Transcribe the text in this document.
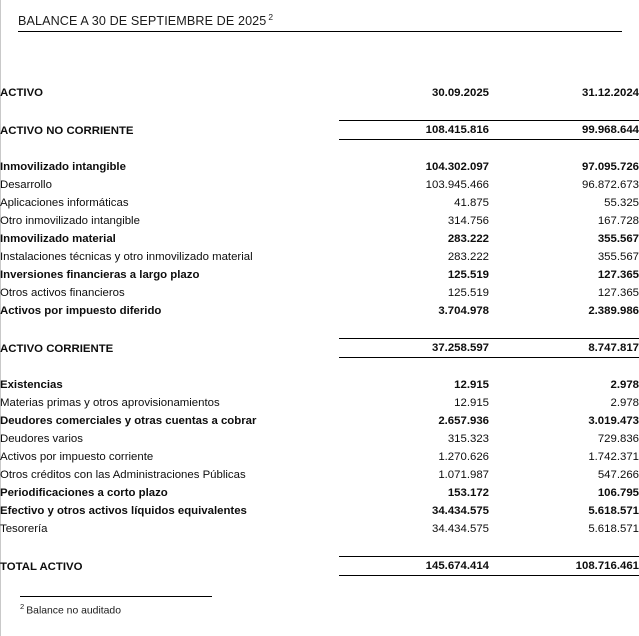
BALANCE A 30 DE SEPTIEMBRE DE 2025 $^2$
ACTIVO	30.09.2025	31.12.2024

ACTIVO NO CORRIENTE	108.415.816	99.968.644

Inmovilizado intangible	104.302.097	97.095.726
Desarrollo	103.945.466	96.872.673
Aplicaciones informáticas	41.875	55.325
Otro inmovilizado intangible	314.756	167.728
Inmovilizado material	283.222	355.567
Instalaciones técnicas y otro inmovilizado material	283.222	355.567
Inversiones financieras a largo plazo	125.519	127.365
Otros activos financieros	125.519	127.365
Activos por impuesto diferido	3.704.978	2.389.986

ACTIVO CORRIENTE	37.258.597	8.747.817

Existencias	12.915	2.978
Materias primas y otros aprovisionamientos	12.915	2.978
Deudores comerciales y otras cuentas a cobrar	2.657.936	3.019.473
Deudores varios	315.323	729.836
Activos por impuesto corriente	1.270.626	1.742.371
Otros créditos con las Administraciones Públicas	1.071.987	547.266
Periodificaciones a corto plazo	153.172	106.795
Efectivo y otros activos líquidos equivalentes	34.434.575	5.618.571
Tesorería	34.434.575	5.618.571

TOTAL ACTIVO	145.674.414	108.716.461
$^2$ Balance no auditado
